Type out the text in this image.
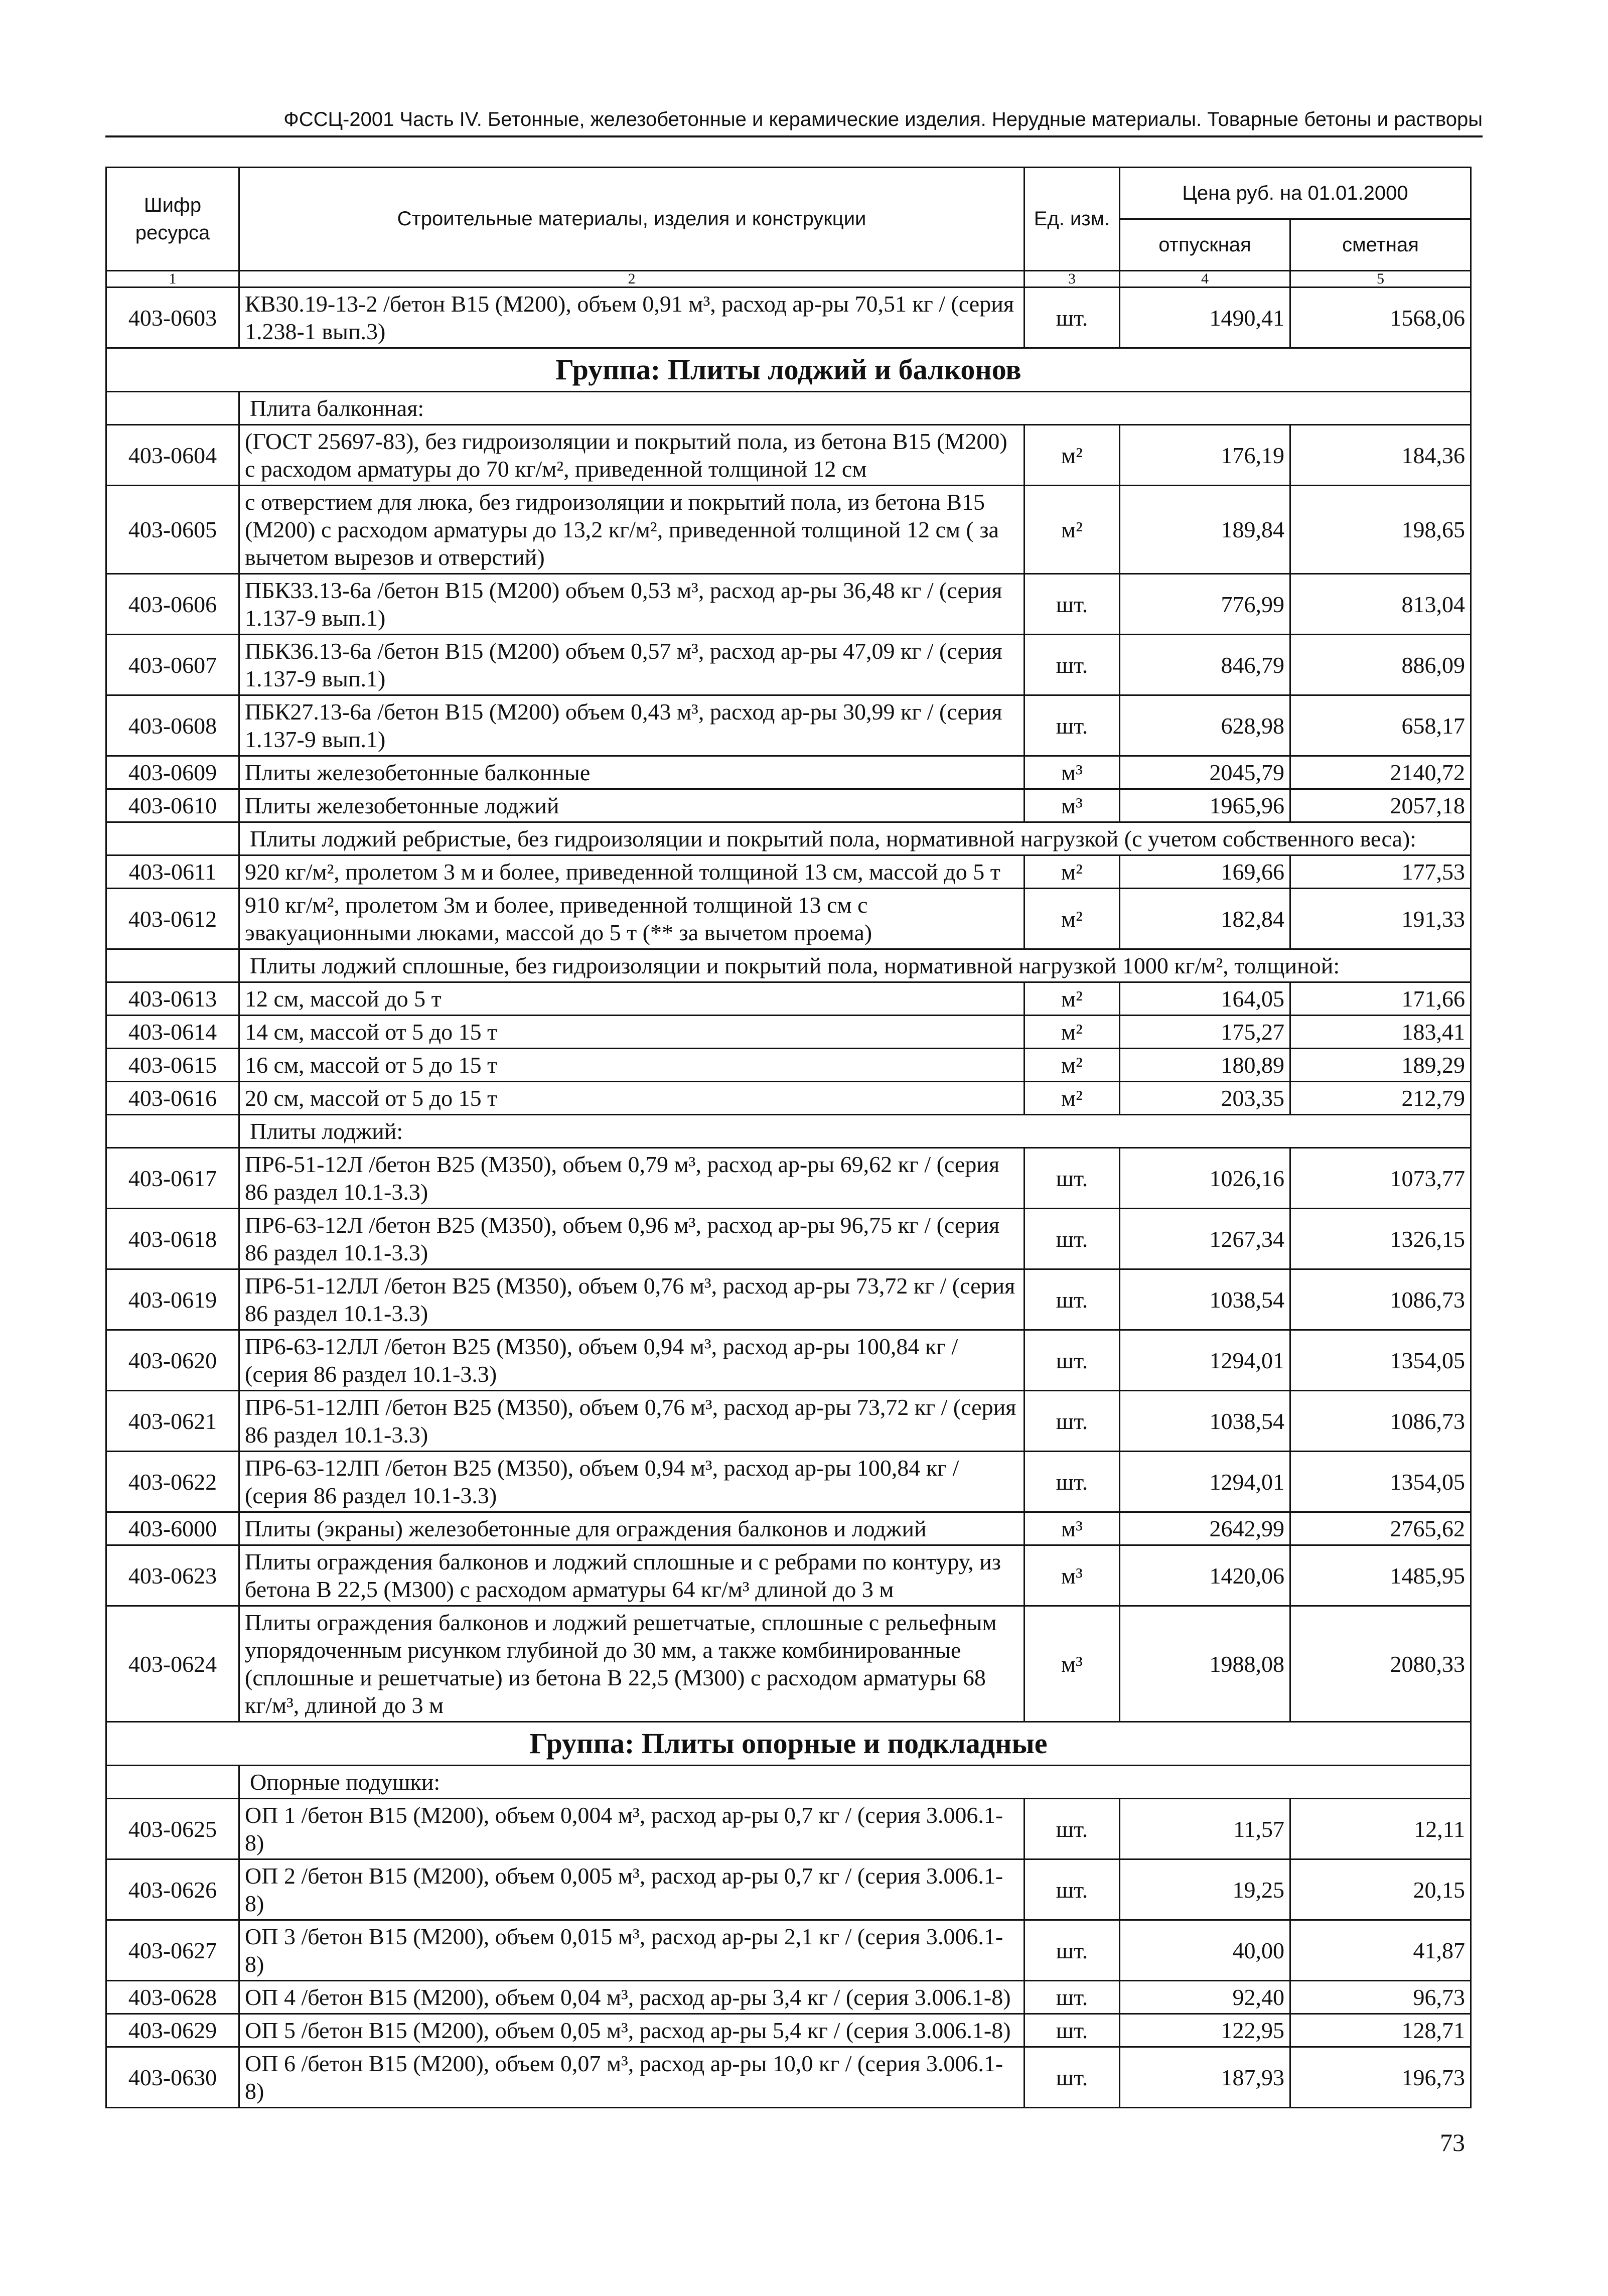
ФССЦ-2001 Часть IV. Бетонные, железобетонные и керамические изделия. Нерудные материалы. Товарные бетоны и растворы
Шифр ресурса	Строительные материалы, изделия и конструкции	Ед. изм.	Цена руб. на 01.01.2000	
			отпускная	сметная
1	2	3	4	5
403-0603	КВ30.19-13-2 /бетон В15 (М200), объем 0,91 м³, расход ар-ры 70,51 кг / (серия 1.238-1 вып.3)	шт.	1490,41	1568,06
Группа: Плиты лоджий и балконов				
	Плита балконная:			
403-0604	(ГОСТ 25697-83), без гидроизоляции и покрытий пола, из бетона В15 (М200) с расходом арматуры до 70 кг/м², приведенной толщиной 12 см	м²	176,19	184,36
403-0605	с отверстием для люка, без гидроизоляции и покрытий пола, из бетона В15 (М200) с расходом арматуры до 13,2 кг/м², приведенной толщиной 12 см ( за вычетом вырезов и отверстий)	м²	189,84	198,65
403-0606	ПБК33.13-6а /бетон В15 (М200) объем 0,53 м³, расход ар-ры 36,48 кг / (серия 1.137-9 вып.1)	шт.	776,99	813,04
403-0607	ПБК36.13-6а /бетон В15 (М200) объем 0,57 м³, расход ар-ры 47,09 кг / (серия 1.137-9 вып.1)	шт.	846,79	886,09
403-0608	ПБК27.13-6а /бетон В15 (М200) объем 0,43 м³, расход ар-ры 30,99 кг / (серия 1.137-9 вып.1)	шт.	628,98	658,17
403-0609	Плиты железобетонные балконные	м³	2045,79	2140,72
403-0610	Плиты железобетонные лоджий	м³	1965,96	2057,18
	Плиты лоджий ребристые, без гидроизоляции и покрытий пола, нормативной нагрузкой (с учетом собственного веса):			
403-0611	920 кг/м², пролетом 3 м и более, приведенной толщиной 13 см, массой до 5 т	м²	169,66	177,53
403-0612	910 кг/м², пролетом 3м и более, приведенной толщиной 13 см с эвакуационными люками, массой до 5 т (** за вычетом проема)	м²	182,84	191,33
	Плиты лоджий сплошные, без гидроизоляции и покрытий пола, нормативной нагрузкой 1000 кг/м², толщиной:			
403-0613	12 см, массой до 5 т	м²	164,05	171,66
403-0614	14 см, массой от 5 до 15 т	м²	175,27	183,41
403-0615	16 см, массой от 5 до 15 т	м²	180,89	189,29
403-0616	20 см, массой от 5 до 15 т	м²	203,35	212,79
	Плиты лоджий:			
403-0617	ПР6-51-12Л /бетон В25 (М350), объем 0,79 м³, расход ар-ры 69,62 кг / (серия 86 раздел 10.1-3.3)	шт.	1026,16	1073,77
403-0618	ПР6-63-12Л /бетон В25 (М350), объем 0,96 м³, расход ар-ры 96,75 кг / (серия 86 раздел 10.1-3.3)	шт.	1267,34	1326,15
403-0619	ПР6-51-12ЛЛ /бетон В25 (М350), объем 0,76 м³, расход ар-ры 73,72 кг / (серия 86 раздел 10.1-3.3)	шт.	1038,54	1086,73
403-0620	ПР6-63-12ЛЛ /бетон В25 (М350), объем 0,94 м³, расход ар-ры 100,84 кг / (серия 86 раздел 10.1-3.3)	шт.	1294,01	1354,05
403-0621	ПР6-51-12ЛП /бетон В25 (М350), объем 0,76 м³, расход ар-ры 73,72 кг / (серия 86 раздел 10.1-3.3)	шт.	1038,54	1086,73
403-0622	ПР6-63-12ЛП /бетон В25 (М350), объем 0,94 м³, расход ар-ры 100,84 кг / (серия 86 раздел 10.1-3.3)	шт.	1294,01	1354,05
403-6000	Плиты (экраны) железобетонные для ограждения балконов и лоджий	м³	2642,99	2765,62
403-0623	Плиты ограждения балконов и лоджий сплошные и с ребрами по контуру, из бетона В 22,5 (М300) с расходом арматуры 64 кг/м³ длиной до 3 м	м³	1420,06	1485,95
403-0624	Плиты ограждения балконов и лоджий решетчатые, сплошные с рельефным упорядоченным рисунком глубиной до 30 мм, а также комбинированные (сплошные и решетчатые) из бетона В 22,5 (М300) с расходом арматуры 68 кг/м³, длиной до 3 м	м³	1988,08	2080,33
Группа: Плиты опорные и подкладные				
	Опорные подушки:			
403-0625	ОП 1 /бетон В15 (М200), объем 0,004 м³, расход ар-ры 0,7 кг / (серия 3.006.1-8)	шт.	11,57	12,11
403-0626	ОП 2 /бетон В15 (М200), объем 0,005 м³, расход ар-ры 0,7 кг / (серия 3.006.1-8)	шт.	19,25	20,15
403-0627	ОП 3 /бетон В15 (М200), объем 0,015 м³, расход ар-ры 2,1 кг / (серия 3.006.1-8)	шт.	40,00	41,87
403-0628	ОП 4 /бетон В15 (М200), объем 0,04 м³, расход ар-ры 3,4 кг / (серия 3.006.1-8)	шт.	92,40	96,73
403-0629	ОП 5 /бетон В15 (М200), объем 0,05 м³, расход ар-ры 5,4 кг / (серия 3.006.1-8)	шт.	122,95	128,71
403-0630	ОП 6 /бетон В15 (М200), объем 0,07 м³, расход ар-ры 10,0 кг / (серия 3.006.1-8)	шт.	187,93	196,73
73
